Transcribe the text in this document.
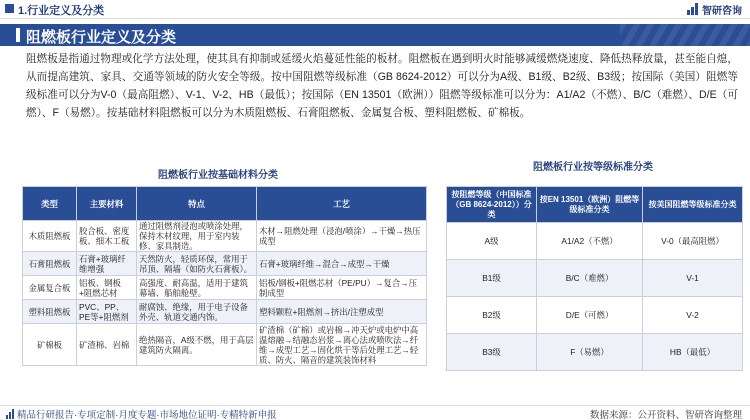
1.行业定义及分类	智研咨询
阻燃板行业定义及分类

阻燃板是指通过物理或化学方法处理，使其具有抑制或延缓火焰蔓延性能的板材。阻燃板在遇到明火时能够减缓燃烧速度、降低热释放量，甚至能自熄，从而提高建筑、家具、交通等领域的防火安全等级。按中国阻燃等级标准（GB 8624-2012）可以分为A级、B1级、B2级、B3级；按国际（美国）阻燃等级标准可以分为V-0（最高阻燃）、V-1、V-2、HB（最低）；按国际（EN 13501（欧洲））阻燃等级标准可以分为：A1/A2（不燃）、B/C（难燃）、D/E（可燃）、F（易燃）。按基础材料阻燃板可以分为木质阻燃板、石膏阻燃板、金属复合板、塑料阻燃板、矿棉板。

阻燃板行业按基础材料分类
类型	主要材料	特点	工艺
木质阻燃板	胶合板、密度板、细木工板	通过阻燃剂浸泡或喷涂处理，保持木材纹理，用于室内装修、家具制造。	木材→阻燃处理（浸泡/喷涂）→干燥→热压成型
石膏阻燃板	石膏+玻璃纤维增强	天然防火，轻质环保，常用于吊顶、隔墙（如防火石膏板）。	石膏+玻璃纤维→混合→成型→干燥
金属复合板	铝板、钢板+阻燃芯材	高强度、耐高温，适用于建筑幕墙、船舶舱壁。	铝板/钢板+阻燃芯材（PE/PU）→复合→压制成型
塑料阻燃板	PVC、PP、PE等+阻燃剂	耐腐蚀、绝缘，用于电子设备外壳、轨道交通内饰。	塑料颗粒+阻燃剂→挤出/注塑成型
矿棉板	矿渣棉、岩棉	绝热隔音，A级不燃，用于高层建筑防火隔离。	矿渣棉（矿棉）或岩棉→冲天炉或电炉中高温熔融→结融态岩浆→离心法或喷吹法→纤维→成型工艺→固化烘干等后处理工艺→轻质、防火、隔音的建筑装饰材料
阻燃板行业按等级标准分类
按阻燃等级（中国标准（GB 8624-2012））分类	按EN 13501（欧洲）阻燃等级标准分类	按美国阻燃等级标准分类
A级	A1/A2（不燃）	V-0（最高阻燃）
B1级	B/C（难燃）	V-1
B2级	D/E（可燃）	V-2
B3级	F（易燃）	HB（最低）
精品行研报告·专项定制·月度专题·市场地位证明·专精特新申报	数据来源：公开资料、智研咨询整理
